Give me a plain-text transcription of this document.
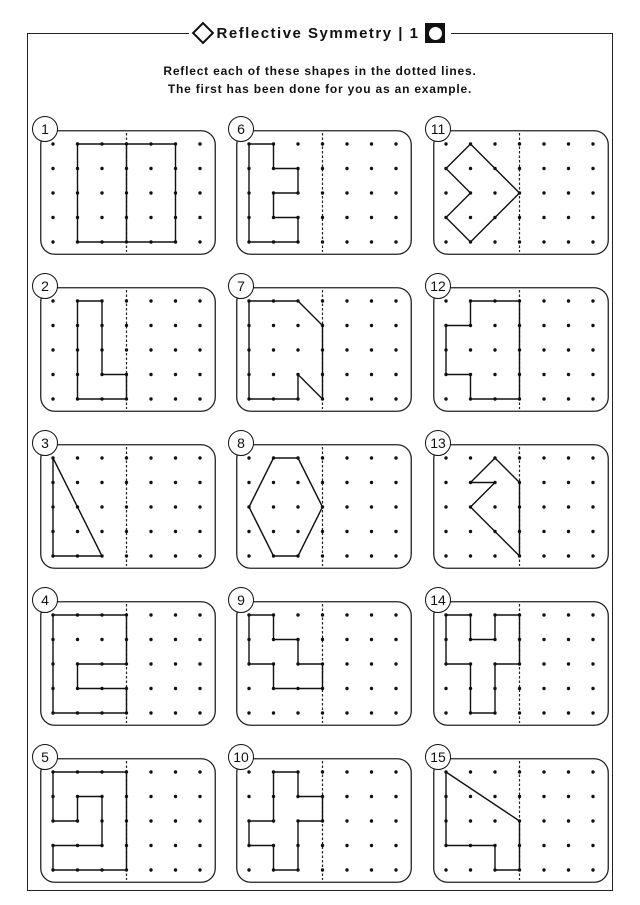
Reflective Symmetry | 1
Reflect each of these shapes in the dotted lines.
The first has been done for you as an example.
1
2
3
4
5
6
7
8
9
10
11
12
13
14
15
